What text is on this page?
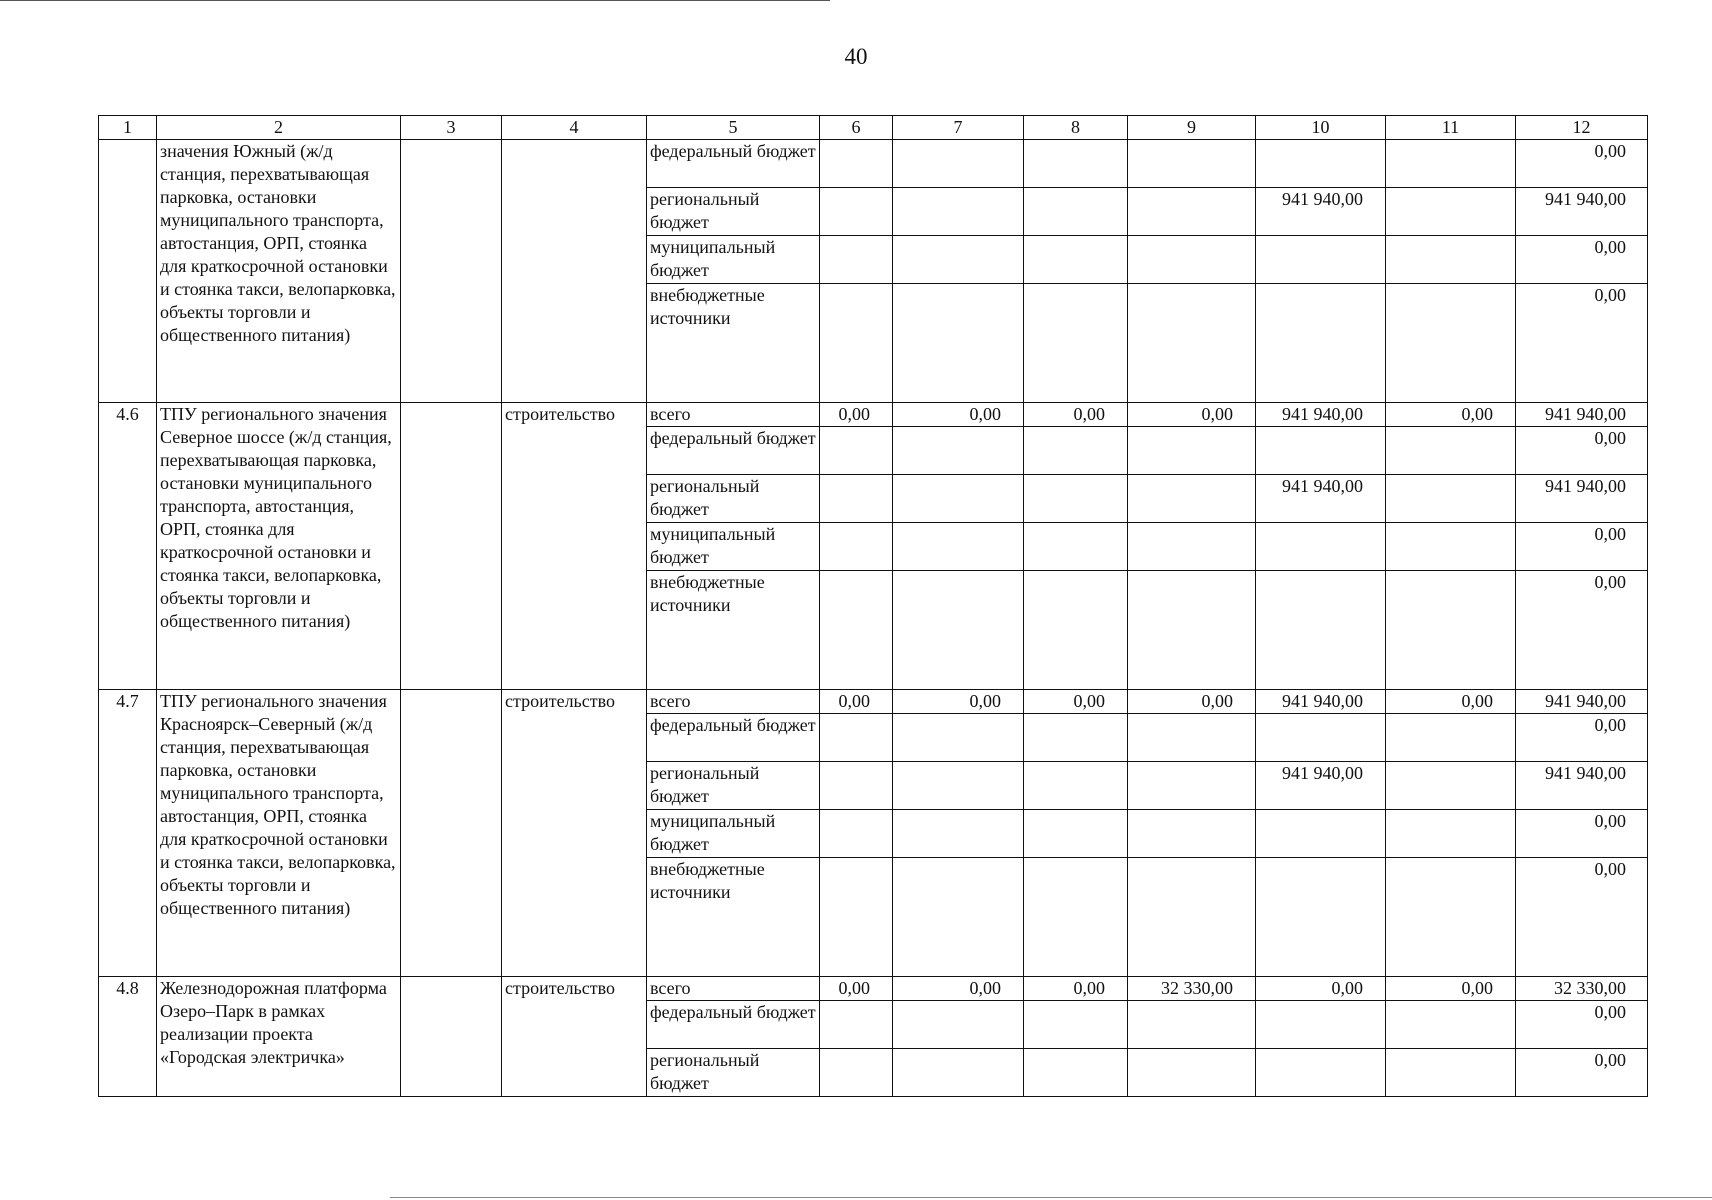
40
1	2	3	4	5	6	7	8	9	10	11	12
	значения Южный (ж/д станция, перехватывающая парковка, остановки муниципального транспорта, автостанция, ОРП, стоянка для краткосрочной остановки и стоянка такси, велопарковка, объекты торговли и общественного питания)			федеральный бюджет							0,00
				региональный бюджет					941 940,00		941 940,00
				муниципальный бюджет							0,00
				внебюджетные источники							0,00
4.6	ТПУ регионального значения Северное шоссе (ж/д станция, перехватывающая парковка, остановки муниципального транспорта, автостанция, ОРП, стоянка для краткосрочной остановки и стоянка такси, велопарковка, объекты торговли и общественного питания)		строительство	всего	0,00	0,00	0,00	0,00	941 940,00	0,00	941 940,00
				федеральный бюджет							0,00
				региональный бюджет					941 940,00		941 940,00
				муниципальный бюджет							0,00
				внебюджетные источники							0,00
4.7	ТПУ регионального значения Красноярск–Северный (ж/д станция, перехватывающая парковка, остановки муниципального транспорта, автостанция, ОРП, стоянка для краткосрочной остановки и стоянка такси, велопарковка, объекты торговли и общественного питания)		строительство	всего	0,00	0,00	0,00	0,00	941 940,00	0,00	941 940,00
				федеральный бюджет							0,00
				региональный бюджет					941 940,00		941 940,00
				муниципальный бюджет							0,00
				внебюджетные источники							0,00
4.8	Железнодорожная платформа Озеро–Парк в рамках реализации проекта «Городская электричка»		строительство	всего	0,00	0,00	0,00	32 330,00	0,00	0,00	32 330,00
				федеральный бюджет							0,00
				региональный бюджет							0,00
